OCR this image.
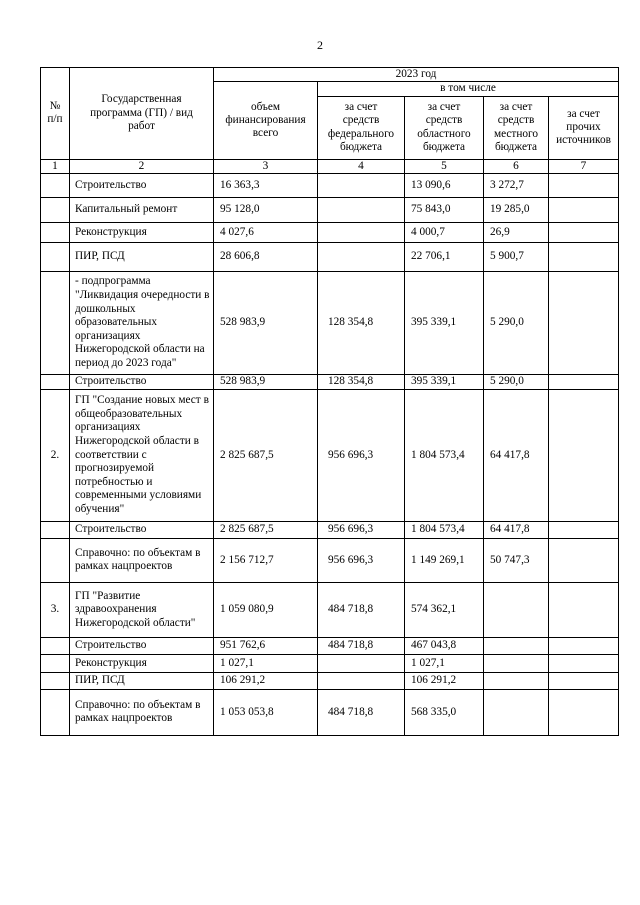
2
№ п/п	Государственная программа (ГП) / вид работ	2023 год				
		объем финансирования всего	в том числе			
			за счет средств федерального бюджета	за счет средств областного бюджета	за счет средств местного бюджета	за счет прочих источников
1	2	3	4	5	6	7
	Строительство	16 363,3		13 090,6	3 272,7	
	Капитальный ремонт	95 128,0		75 843,0	19 285,0	
	Реконструкция	4 027,6		4 000,7	26,9	
	ПИР, ПСД	28 606,8		22 706,1	5 900,7	
	- подпрограмма "Ликвидация очередности в дошкольных образовательных организациях Нижегородской области на период до 2023 года"	528 983,9	128 354,8	395 339,1	5 290,0	
	Строительство	528 983,9	128 354,8	395 339,1	5 290,0	
2.	ГП "Создание новых мест в общеобразовательных организациях Нижегородской области в соответствии с прогнозируемой потребностью и современными условиями обучения"	2 825 687,5	956 696,3	1 804 573,4	64 417,8	
	Строительство	2 825 687,5	956 696,3	1 804 573,4	64 417,8	
	Справочно: по объектам в рамках нацпроектов	2 156 712,7	956 696,3	1 149 269,1	50 747,3	
3.	ГП "Развитие здравоохранения Нижегородской области"	1 059 080,9	484 718,8	574 362,1		
	Строительство	951 762,6	484 718,8	467 043,8		
	Реконструкция	1 027,1		1 027,1		
	ПИР, ПСД	106 291,2		106 291,2		
	Справочно: по объектам в рамках нацпроектов	1 053 053,8	484 718,8	568 335,0		
